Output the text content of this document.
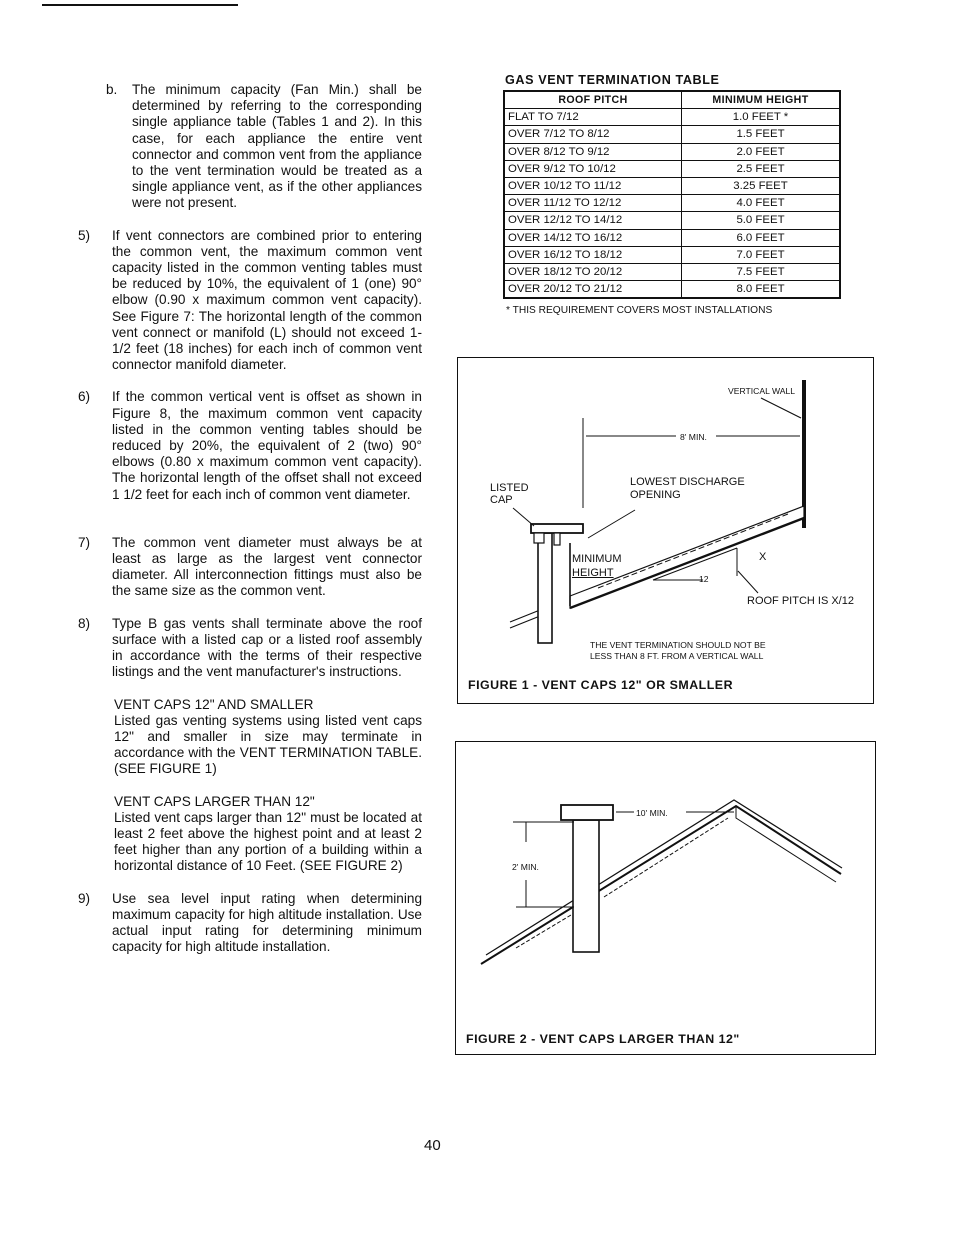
b.	The minimum capacity (Fan Min.) shall be determined by referring to the corresponding single appliance table (Tables 1 and 2). In this case, for each appliance the entire vent connector and common vent from the appliance to the vent termination would be treated as a single appliance vent, as if the other appliances were not present.
5)	If vent connectors are combined prior to entering the common vent, the maximum common vent capacity listed in the common venting tables must be reduced by 10%, the equivalent of 1 (one) 90° elbow (0.90 x maximum common vent capacity). See Figure 7: The horizontal length of the common vent connect or manifold (L) should not exceed 1-1/2 feet (18 inches) for each inch of common vent connector manifold diameter.
6)	If the common vertical vent is offset as shown in Figure 8, the maximum common vent capacity listed in the common venting tables should be reduced by 20%, the equivalent of 2 (two) 90° elbows (0.80 x maximum common vent capacity). The horizontal length of the offset shall not exceed 1 1/2 feet for each inch of common vent diameter.
7)	The common vent diameter must always be at least as large as the largest vent connector diameter. All interconnection fittings must also be the same size as the common vent.
8)	Type B gas vents shall terminate above the roof surface with a listed cap or a listed roof assembly in accordance with the terms of their respective listings and the vent manufacturer's instructions.
VENT CAPS 12" AND SMALLER
Listed gas venting systems using listed vent caps 12" and smaller in size may terminate in accordance with the VENT TERMINATION TABLE. (SEE FIGURE 1)
VENT CAPS LARGER THAN 12"
Listed vent caps larger than 12" must be located at least 2 feet above the highest point and at least 2 feet higher than any portion of a building within a horizontal distance of 10 Feet. (SEE FIGURE 2)
9)	Use sea level input rating when determining maximum capacity for high altitude installation. Use actual input rating for determining minimum capacity for high altitude installation.
GAS VENT TERMINATION TABLE
ROOF PITCH	MINIMUM HEIGHT
FLAT TO 7/12	1.0 FEET *
OVER 7/12 TO 8/12	1.5 FEET
OVER 8/12 TO 9/12	2.0 FEET
OVER 9/12 TO 10/12	2.5 FEET
OVER 10/12 TO 11/12	3.25 FEET
OVER 11/12 TO 12/12	4.0 FEET
OVER 12/12 TO 14/12	5.0 FEET
OVER 14/12 TO 16/12	6.0 FEET
OVER 16/12 TO 18/12	7.0 FEET
OVER 18/12 TO 20/12	7.5 FEET
OVER 20/12 TO 21/12	8.0 FEET
* THIS REQUIREMENT COVERS MOST INSTALLATIONS
VERTICAL WALL
8' MIN.
LISTED
CAP
LOWEST DISCHARGE
OPENING
MINIMUM
HEIGHT
X
12
ROOF PITCH IS X/12
THE VENT TERMINATION SHOULD NOT BE
LESS THAN 8 FT. FROM A VERTICAL WALL
FIGURE 1 - VENT CAPS 12" OR SMALLER
10' MIN.
2' MIN.
FIGURE 2 - VENT CAPS LARGER THAN 12"
40
